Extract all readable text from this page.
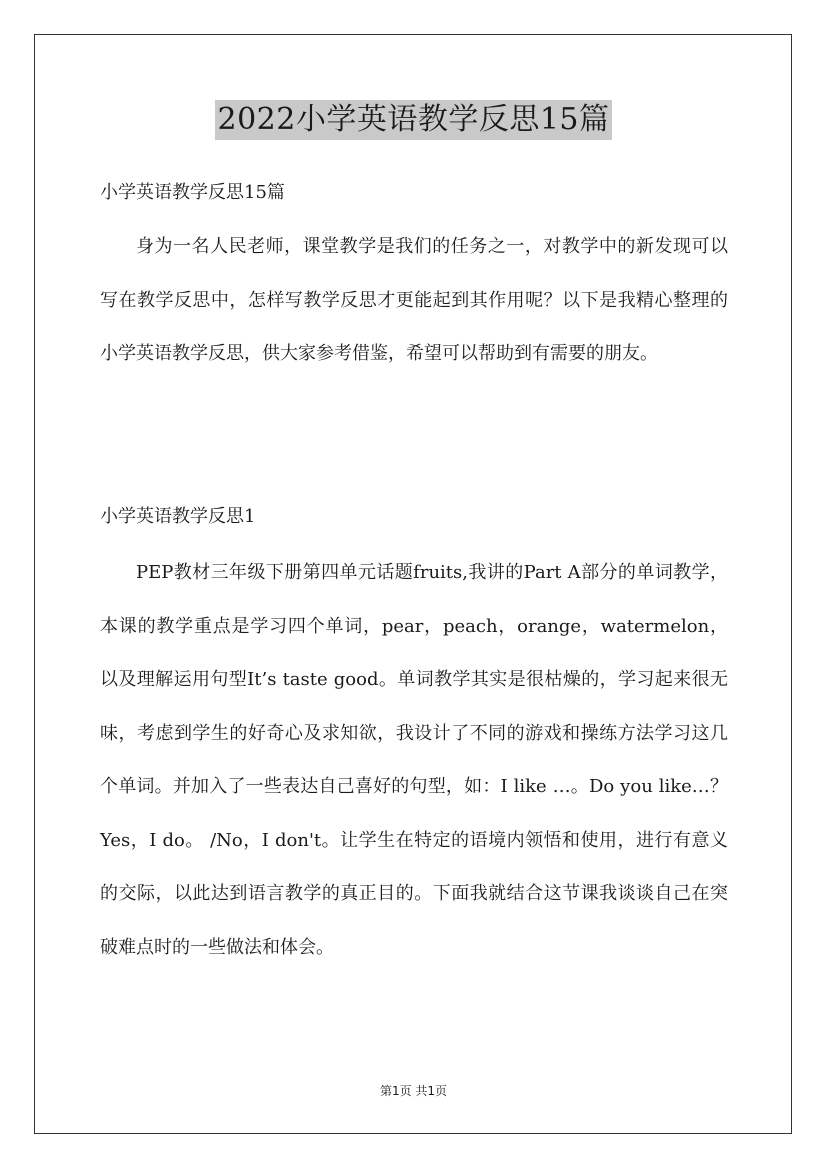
2022小学英语教学反思15篇
小学英语教学反思15篇
身为一名人民老师，课堂教学是我们的任务之一，对教学中的新发现可以写在教学反思中，怎样写教学反思才更能起到其作用呢？以下是我精心整理的小学英语教学反思，供大家参考借鉴，希望可以帮助到有需要的朋友。
小学英语教学反思1
PEP教材三年级下册第四单元话题fruits,我讲的Part A部分的单词教学，本课的教学重点是学习四个单词，pear，peach，orange，watermelon，以及理解运用句型It’s taste good。单词教学其实是很枯燥的，学习起来很无味，考虑到学生的好奇心及求知欲，我设计了不同的游戏和操练方法学习这几个单词。并加入了一些表达自己喜好的句型，如：I like …。Do you like…？Yes，I do。 /No，I don't。让学生在特定的语境内领悟和使用，进行有意义的交际，以此达到语言教学的真正目的。下面我就结合这节课我谈谈自己在突破难点时的一些做法和体会。
第1页 共1页
